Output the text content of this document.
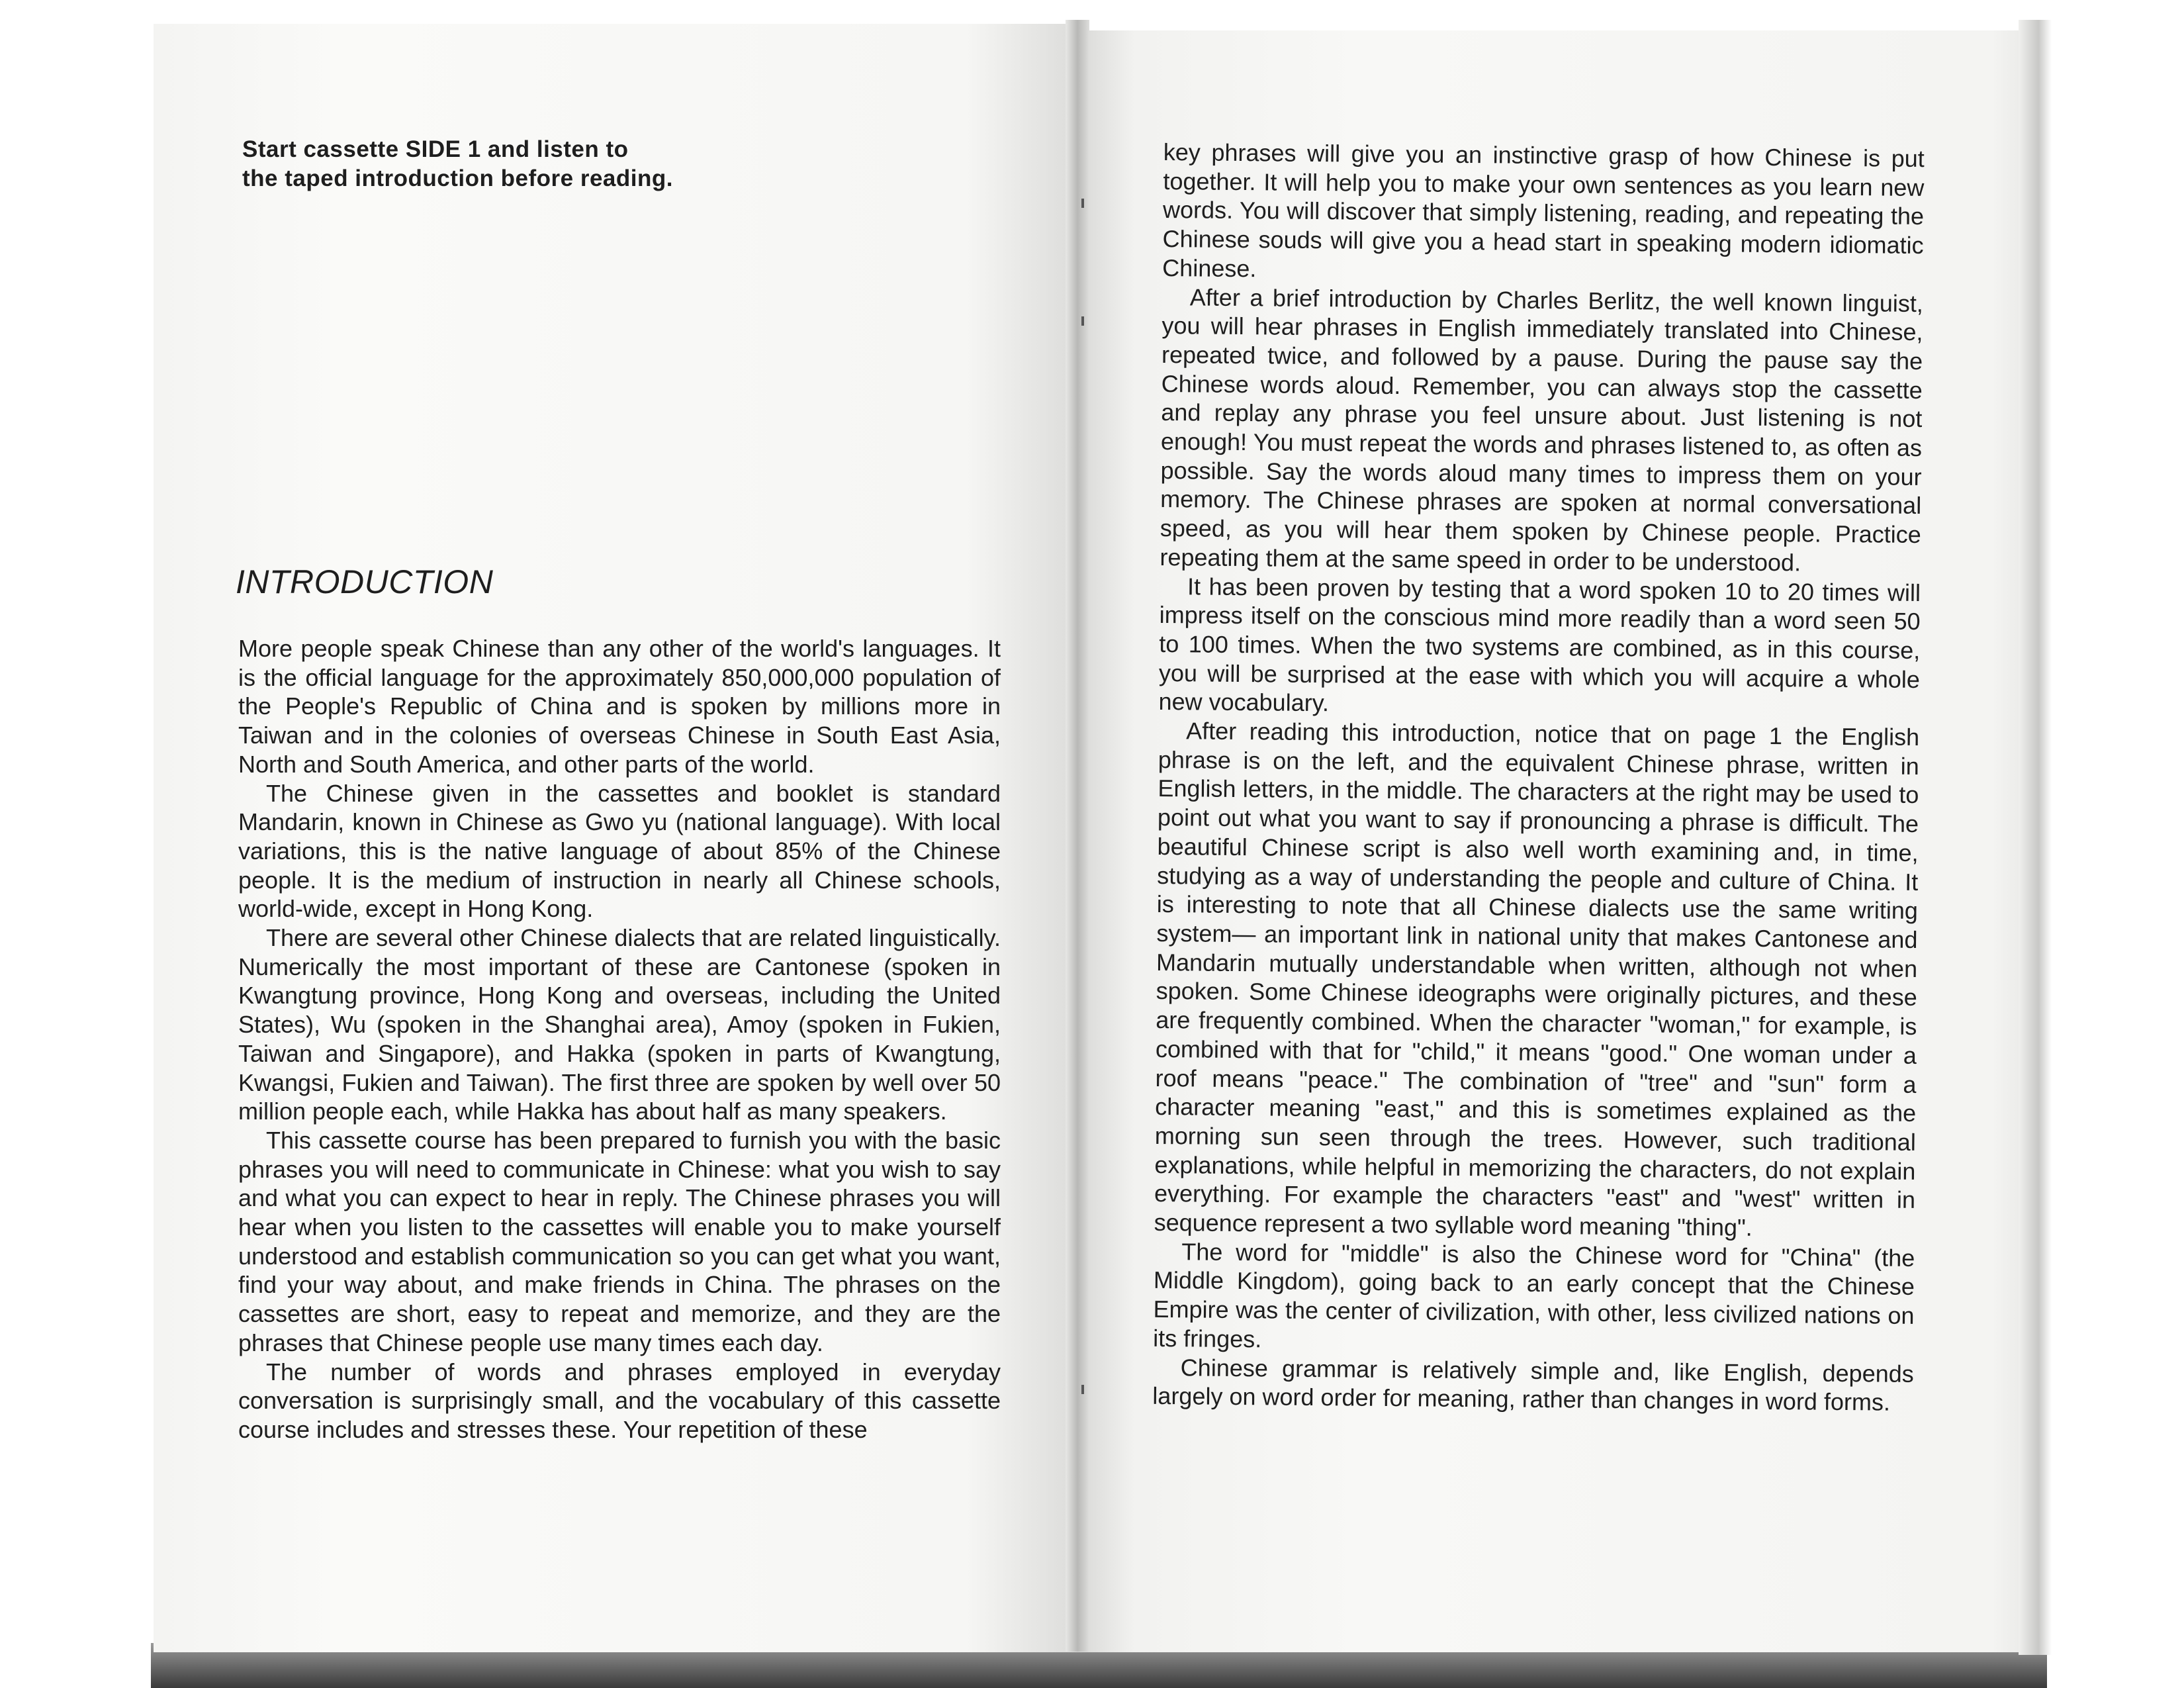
Start cassette SIDE 1 and listen to
the taped introduction before reading.
INTRODUCTION

More people speak Chinese than any other of the world's languages. It is the official language for the approximately 850,000,000 population of the People's Republic of China and is spoken by millions more in Taiwan and in the colonies of overseas Chinese in South East Asia, North and South America, and other parts of the world.

The Chinese given in the cassettes and booklet is standard Mandarin, known in Chinese as Gwo yu (national language). With local variations, this is the native language of about 85% of the Chinese people. It is the medium of instruction in nearly all Chinese schools, world-wide, except in Hong Kong.

There are several other Chinese dialects that are related linguistically. Numerically the most important of these are Cantonese (spoken in Kwangtung province, Hong Kong and overseas, including the United States), Wu (spoken in the Shanghai area), Amoy (spoken in Fukien, Taiwan and Singapore), and Hakka (spoken in parts of Kwangtung, Kwangsi, Fukien and Taiwan). The first three are spoken by well over 50 million people each, while Hakka has about half as many speakers.

This cassette course has been prepared to furnish you with the basic phrases you will need to communicate in Chinese: what you wish to say and what you can expect to hear in reply. The Chinese phrases you will hear when you listen to the cassettes will enable you to make yourself understood and establish communication so you can get what you want, find your way about, and make friends in China. The phrases on the cassettes are short, easy to repeat and memorize, and they are the phrases that Chinese people use many times each day.

The number of words and phrases employed in everyday conversation is surprisingly small, and the vocabulary of this cassette course includes and stresses these. Your repetition of these

key phrases will give you an instinctive grasp of how Chinese is put together. It will help you to make your own sentences as you learn new words. You will discover that simply listening, reading, and repeating the Chinese souds will give you a head start in speaking modern idiomatic Chinese.

After a brief introduction by Charles Berlitz, the well known linguist, you will hear phrases in English immediately translated into Chinese, repeated twice, and followed by a pause. During the pause say the Chinese words aloud. Remember, you can always stop the cassette and replay any phrase you feel unsure about. Just listening is not enough! You must repeat the words and phrases listened to, as often as possible. Say the words aloud many times to impress them on your memory. The Chinese phrases are spoken at normal conversational speed, as you will hear them spoken by Chinese people. Practice repeating them at the same speed in order to be understood.

It has been proven by testing that a word spoken 10 to 20 times will impress itself on the conscious mind more readily than a word seen 50 to 100 times. When the two systems are combined, as in this course, you will be surprised at the ease with which you will acquire a whole new vocabulary.

After reading this introduction, notice that on page 1 the English phrase is on the left, and the equivalent Chinese phrase, written in English letters, in the middle. The characters at the right may be used to point out what you want to say if pronouncing a phrase is difficult. The beautiful Chinese script is also well worth examining and, in time, studying as a way of understanding the people and culture of China. It is interesting to note that all Chinese dialects use the same writing system— an important link in national unity that makes Cantonese and Mandarin mutually understandable when written, although not when spoken. Some Chinese ideographs were originally pictures, and these are frequently combined. When the character "woman," for example, is combined with that for "child," it means "good." One woman under a roof means "peace." The combination of "tree" and "sun" form a character meaning "east," and this is sometimes explained as the morning sun seen through the trees. However, such traditional explanations, while helpful in memorizing the characters, do not explain everything. For example the characters "east" and "west" written in sequence represent a two syllable word meaning "thing".

The word for "middle" is also the Chinese word for "China" (the Middle Kingdom), going back to an early concept that the Chinese Empire was the center of civilization, with other, less civilized nations on its fringes.

Chinese grammar is relatively simple and, like English, depends largely on word order for meaning, rather than changes in word forms.
